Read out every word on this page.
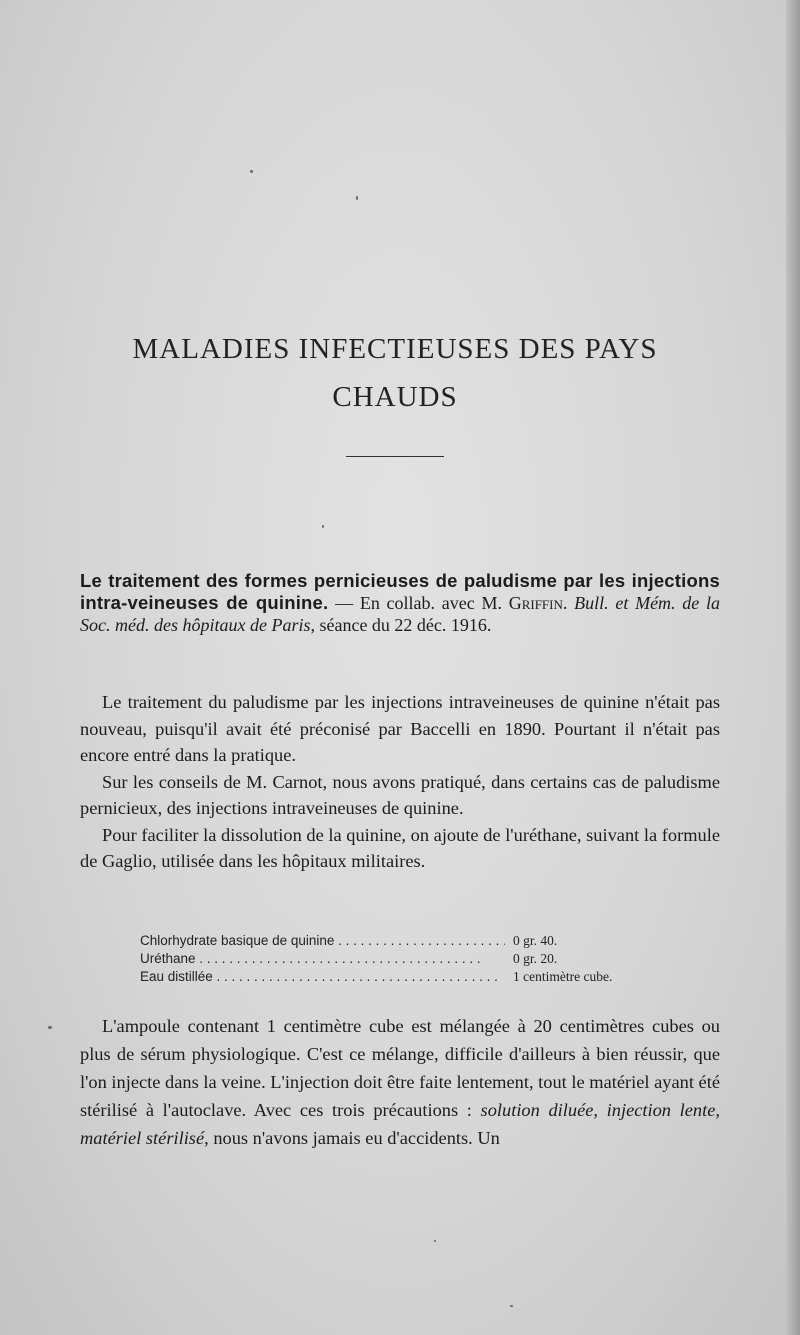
MALADIES INFECTIEUSES DES PAYS
CHAUDS
Le traitement des formes pernicieuses de paludisme par les injections intra-veineuses de quinine. — En collab. avec M. Griffin. Bull. et Mém. de la Soc. méd. des hôpitaux de Paris, séance du 22 déc. 1916.

Le traitement du paludisme par les injections intraveineuses de quinine n'était pas nouveau, puisqu'il avait été préconisé par Baccelli en 1890. Pourtant il n'était pas encore entré dans la pratique.

Sur les conseils de M. Carnot, nous avons pratiqué, dans certains cas de paludisme pernicieux, des injections intraveineuses de quinine.

Pour faciliter la dissolution de la quinine, on ajoute de l'uréthane, suivant la formule de Gaglio, utilisée dans les hôpitaux militaires.

Chlorhydrate basique de quinine . . .	0 gr. 40.
Uréthane . . .	0 gr. 20.
Eau distillée . . .	1 centimètre cube.

L'ampoule contenant 1 centimètre cube est mélangée à 20 centimètres cubes ou plus de sérum physiologique. C'est ce mélange, difficile d'ailleurs à bien réussir, que l'on injecte dans la veine. L'injection doit être faite lentement, tout le matériel ayant été stérilisé à l'autoclave. Avec ces trois précautions : solution diluée, injection lente, matériel stérilisé, nous n'avons jamais eu d'accidents. Un
